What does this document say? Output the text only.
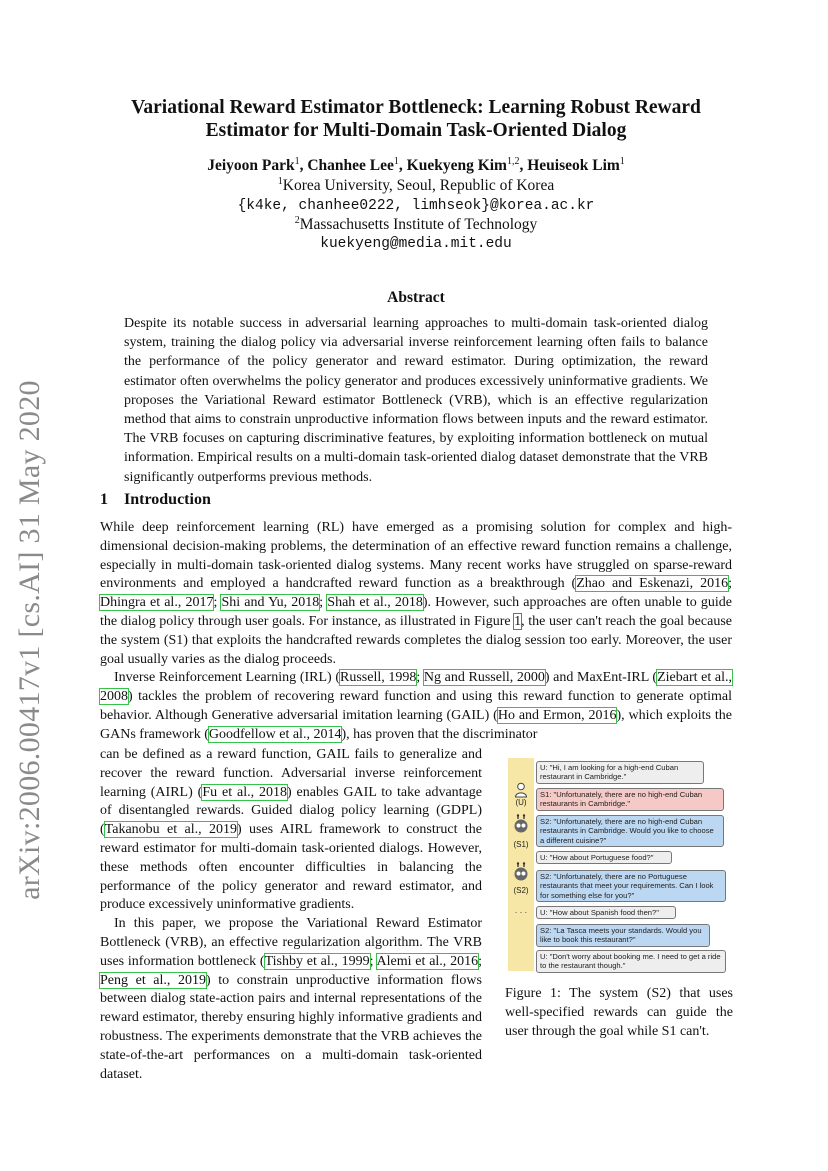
arXiv:2006.00417v1 [cs.AI] 31 May 2020
Variational Reward Estimator Bottleneck: Learning Robust Reward Estimator for Multi-Domain Task-Oriented Dialog
Jeiyoon Park$^1$, Chanhee Lee$^1$, Kuekyeng Kim$^{1,2}$, Heuiseok Lim$^1$
$^1$Korea University, Seoul, Republic of Korea
{k4ke, chanhee0222, limhseok}@korea.ac.kr
$^2$Massachusetts Institute of Technology
kuekyeng@media.mit.edu
Abstract
Despite its notable success in adversarial learning approaches to multi-domain task-oriented dialog system, training the dialog policy via adversarial inverse reinforcement learning often fails to balance the performance of the policy generator and reward estimator. During optimization, the reward estimator often overwhelms the policy generator and produces excessively uninformative gradients. We proposes the Variational Reward estimator Bottleneck (VRB), which is an effective regularization method that aims to constrain unproductive information flows between inputs and the reward estimator. The VRB focuses on capturing discriminative features, by exploiting information bottleneck on mutual information. Empirical results on a multi-domain task-oriented dialog dataset demonstrate that the VRB significantly outperforms previous methods.
1 Introduction

While deep reinforcement learning (RL) have emerged as a promising solution for complex and high-dimensional decision-making problems, the determination of an effective reward function remains a challenge, especially in multi-domain task-oriented dialog systems. Many recent works have struggled on sparse-reward environments and employed a handcrafted reward function as a breakthrough (Zhao and Eskenazi, 2016; Dhingra et al., 2017; Shi and Yu, 2018; Shah et al., 2018). However, such approaches are often unable to guide the dialog policy through user goals. For instance, as illustrated in Figure 1, the user can't reach the goal because the system (S1) that exploits the handcrafted rewards completes the dialog session too early. Moreover, the user goal usually varies as the dialog proceeds.

Inverse Reinforcement Learning (IRL) (Russell, 1998; Ng and Russell, 2000) and MaxEnt-IRL (Ziebart et al., 2008) tackles the problem of recovering reward function and using this reward function to generate optimal behavior. Although Generative adversarial imitation learning (GAIL) (Ho and Ermon, 2016), which exploits the GANs framework (Goodfellow et al., 2014), has proven that the discriminator

can be defined as a reward function, GAIL fails to generalize and recover the reward function. Adversarial inverse reinforcement learning (AIRL) (Fu et al., 2018) enables GAIL to take advantage of disentangled rewards. Guided dialog policy learning (GDPL) (Takanobu et al., 2019) uses AIRL framework to construct the reward estimator for multi-domain task-oriented dialogs. However, these methods often encounter difficulties in balancing the performance of the policy generator and reward estimator, and produce excessively uninformative gradients.

In this paper, we propose the Variational Reward Estimator Bottleneck (VRB), an effective regularization algorithm. The VRB uses information bottleneck (Tishby et al., 1999; Alemi et al., 2016; Peng et al., 2019) to constrain unproductive information flows between dialog state-action pairs and internal representations of the reward estimator, thereby ensuring highly informative gradients and robustness. The experiments demonstrate that the VRB achieves the state-of-the-art performances on a multi-domain task-oriented dataset.

(U)
(S1)
(S2)
· · ·
U: "Hi, I am looking for a high-end Cuban restaurant in Cambridge."
S1: "Unfortunately, there are no high-end Cuban restaurants in Cambridge."
S2: "Unfortunately, there are no high-end Cuban restaurants in Cambridge. Would you like to choose a different cuisine?"
U: "How about Portuguese food?"
S2: "Unfortunately, there are no Portuguese restaurants that meet your requirements. Can I look for something else for you?"
U: "How about Spanish food then?"
S2: "La Tasca meets your standards. Would you like to book this restaurant?"
U: "Don't worry about booking me. I need to get a ride to the restaurant though."
Figure 1: The system (S2) that uses well-specified rewards can guide the user through the goal while S1 can't.
